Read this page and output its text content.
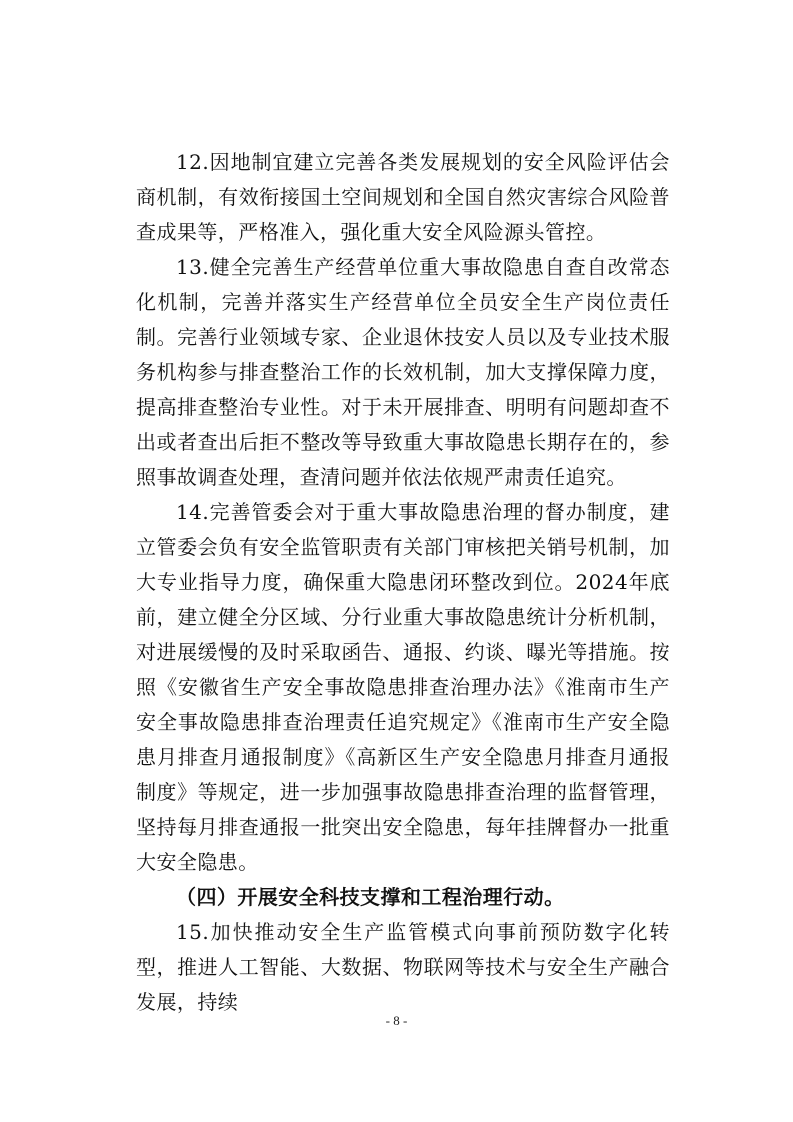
12.因地制宜建立完善各类发展规划的安全风险评估会商机制，有效衔接国土空间规划和全国自然灾害综合风险普查成果等，严格准入，强化重大安全风险源头管控。

13.健全完善生产经营单位重大事故隐患自查自改常态化机制，完善并落实生产经营单位全员安全生产岗位责任制。完善行业领域专家、企业退休技安人员以及专业技术服务机构参与排查整治工作的长效机制，加大支撑保障力度，提高排查整治专业性。对于未开展排查、明明有问题却查不出或者查出后拒不整改等导致重大事故隐患长期存在的，参照事故调查处理，查清问题并依法依规严肃责任追究。

14.完善管委会对于重大事故隐患治理的督办制度，建立管委会负有安全监管职责有关部门审核把关销号机制，加大专业指导力度，确保重大隐患闭环整改到位。2024年底前，建立健全分区域、分行业重大事故隐患统计分析机制，对进展缓慢的及时采取函告、通报、约谈、曝光等措施。按照《安徽省生产安全事故隐患排查治理办法》《淮南市生产安全事故隐患排查治理责任追究规定》《淮南市生产安全隐患月排查月通报制度》《高新区生产安全隐患月排查月通报制度》等规定，进一步加强事故隐患排查治理的监督管理，坚持每月排查通报一批突出安全隐患，每年挂牌督办一批重大安全隐患。

（四）开展安全科技支撑和工程治理行动。

15.加快推动安全生产监管模式向事前预防数字化转型，推进人工智能、大数据、物联网等技术与安全生产融合发展，持续

- 8 -
